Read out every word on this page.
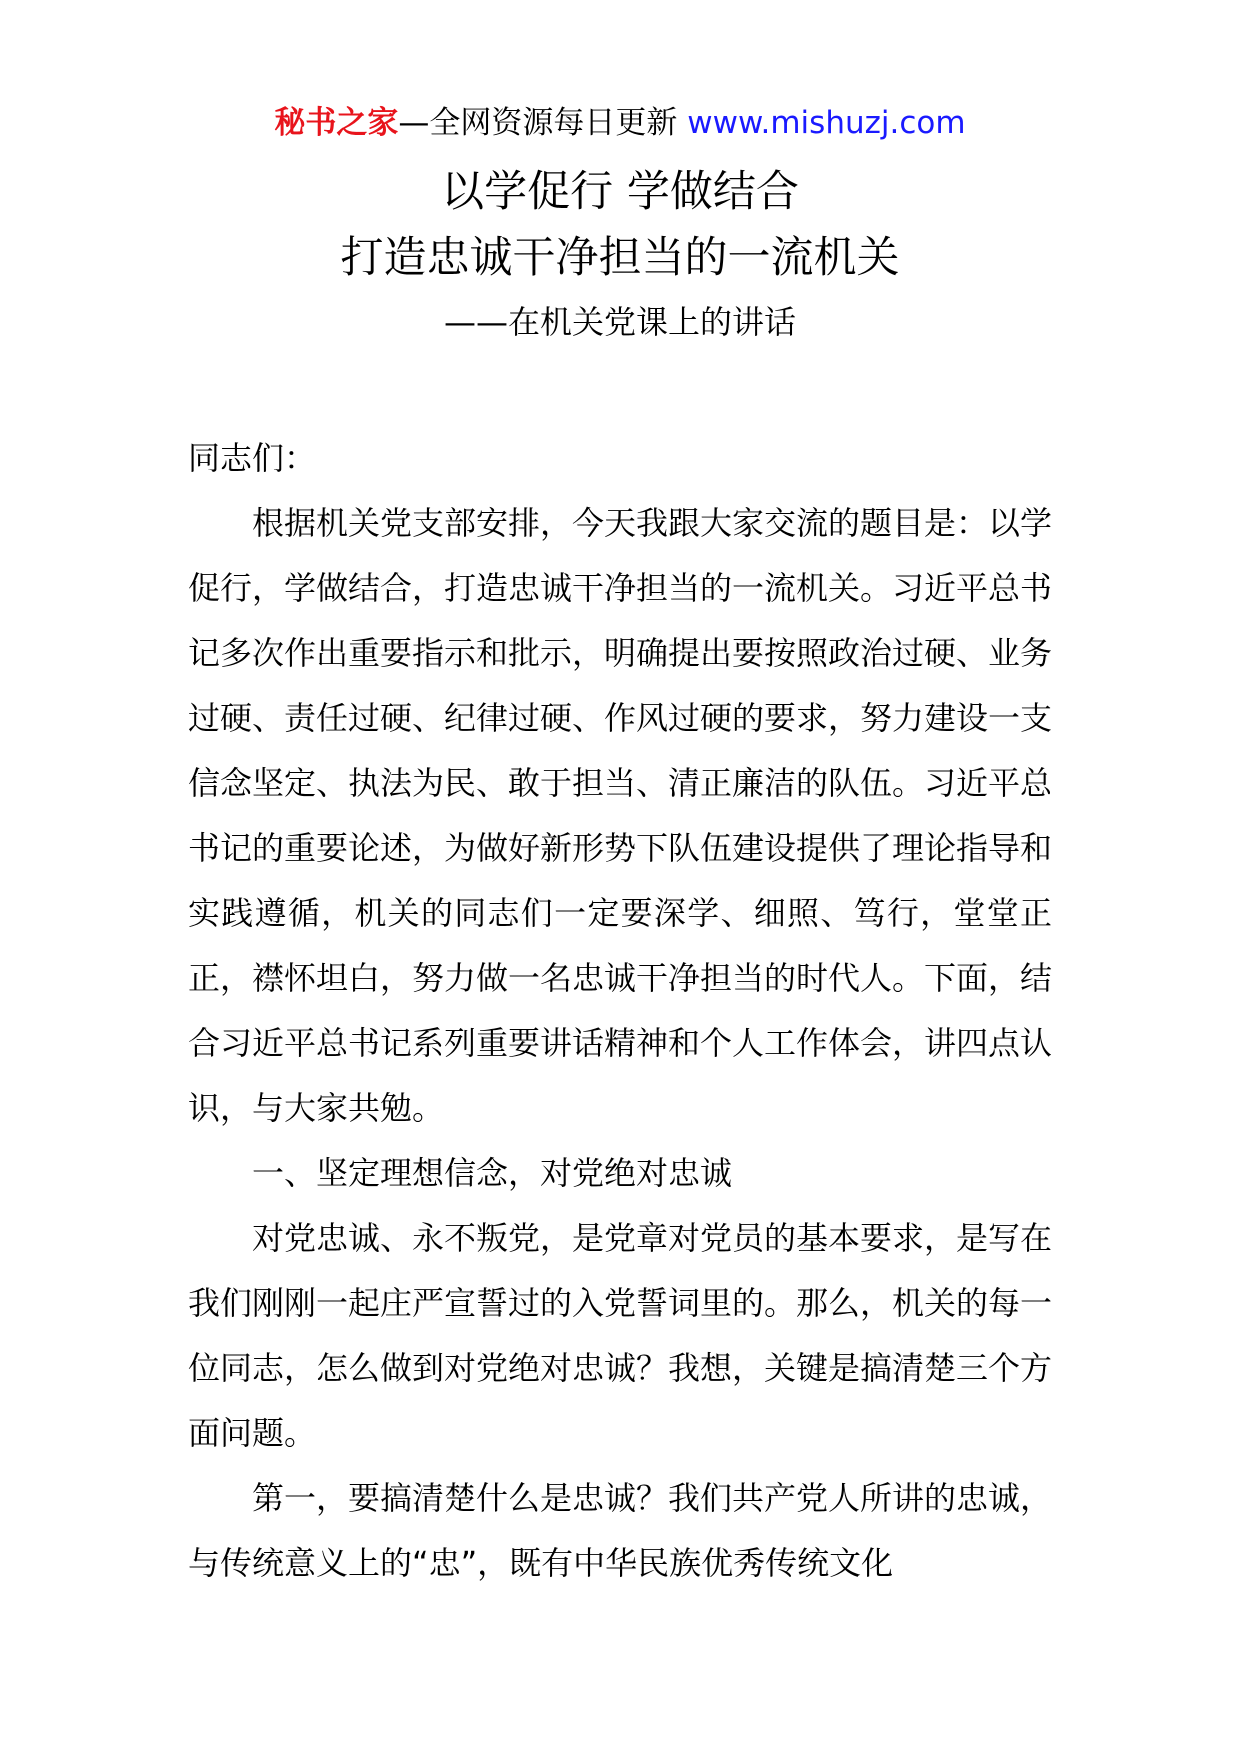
秘书之家—全网资源每日更新 www.mishuzj.com
以学促行 学做结合
打造忠诚干净担当的一流机关
——在机关党课上的讲话

同志们：

根据机关党支部安排，今天我跟大家交流的题目是：以学促行，学做结合，打造忠诚干净担当的一流机关。习近平总书记多次作出重要指示和批示，明确提出要按照政治过硬、业务过硬、责任过硬、纪律过硬、作风过硬的要求，努力建设一支信念坚定、执法为民、敢于担当、清正廉洁的队伍。习近平总书记的重要论述，为做好新形势下队伍建设提供了理论指导和实践遵循，机关的同志们一定要深学、细照、笃行，堂堂正正，襟怀坦白，努力做一名忠诚干净担当的时代人。下面，结合习近平总书记系列重要讲话精神和个人工作体会，讲四点认识，与大家共勉。

一、坚定理想信念，对党绝对忠诚

对党忠诚、永不叛党，是党章对党员的基本要求，是写在我们刚刚一起庄严宣誓过的入党誓词里的。那么，机关的每一位同志，怎么做到对党绝对忠诚？我想，关键是搞清楚三个方面问题。

第一，要搞清楚什么是忠诚？我们共产党人所讲的忠诚，与传统意义上的“忠”，既有中华民族优秀传统文化
